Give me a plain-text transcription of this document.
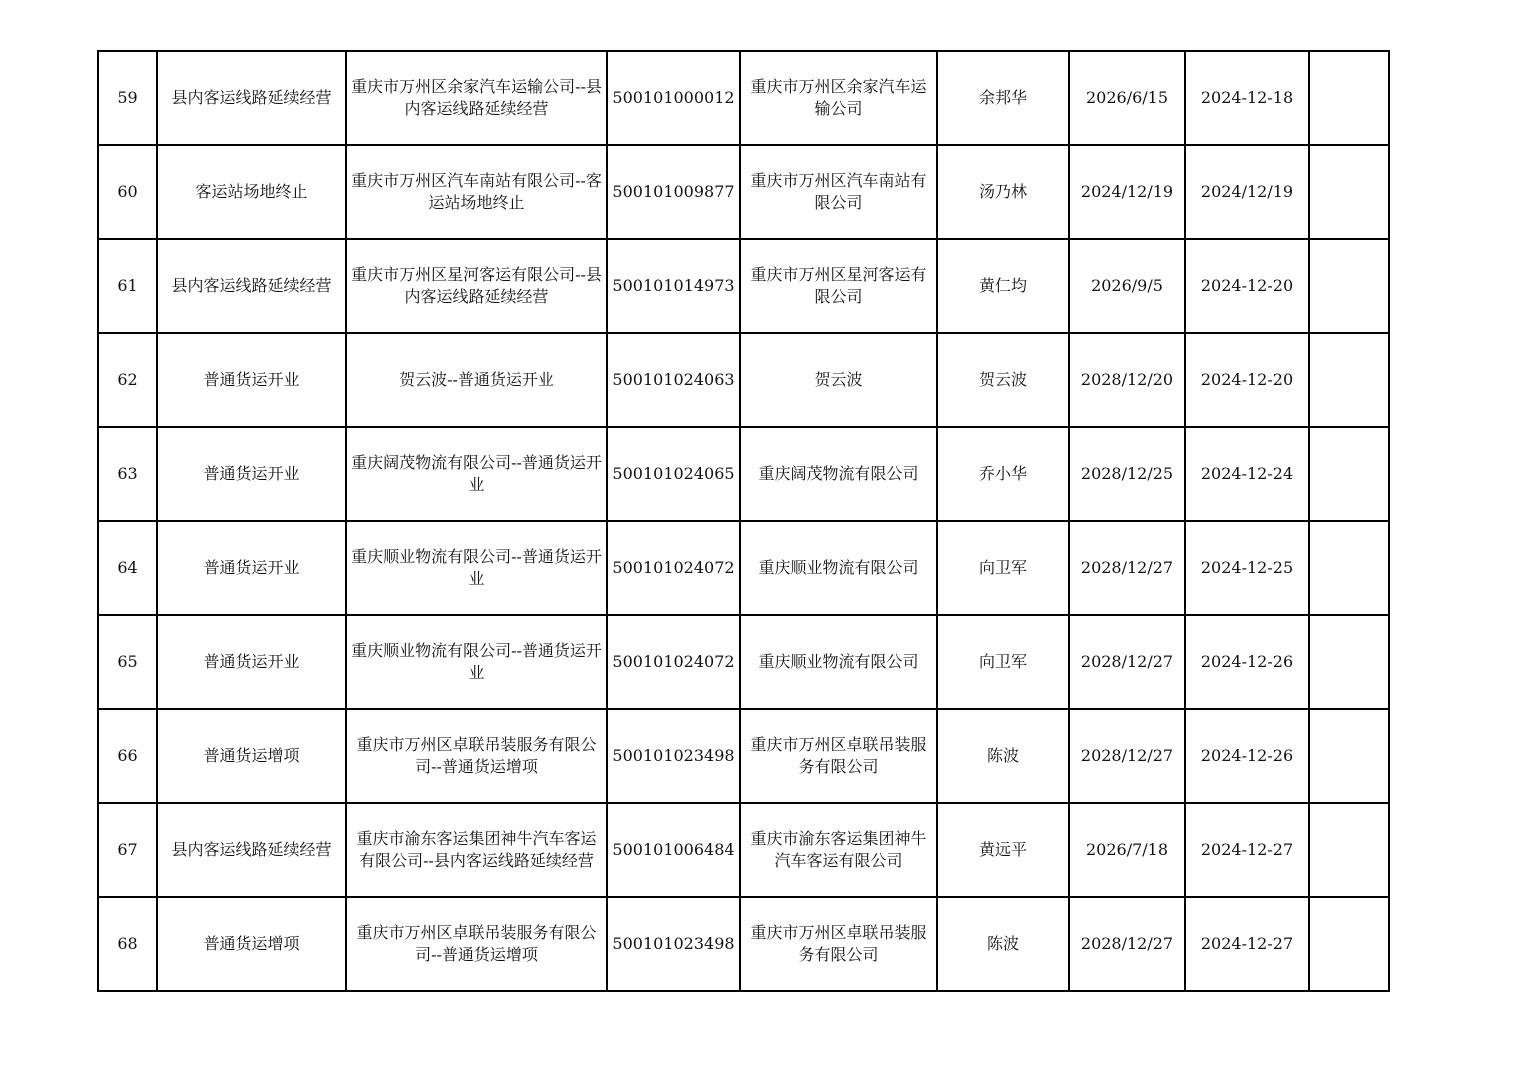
59	县内客运线路延续经营	重庆市万州区余家汽车运输公司--县内客运线路延续经营	500101000012	重庆市万州区余家汽车运输公司	余邦华	2026/6/15	2024-12-18	
60	客运站场地终止	重庆市万州区汽车南站有限公司--客运站场地终止	500101009877	重庆市万州区汽车南站有限公司	汤乃林	2024/12/19	2024/12/19	
61	县内客运线路延续经营	重庆市万州区星河客运有限公司--县内客运线路延续经营	500101014973	重庆市万州区星河客运有限公司	黄仁均	2026/9/5	2024-12-20	
62	普通货运开业	贺云波--普通货运开业	500101024063	贺云波	贺云波	2028/12/20	2024-12-20	
63	普通货运开业	重庆阔茂物流有限公司--普通货运开业	500101024065	重庆阔茂物流有限公司	乔小华	2028/12/25	2024-12-24	
64	普通货运开业	重庆顺业物流有限公司--普通货运开业	500101024072	重庆顺业物流有限公司	向卫军	2028/12/27	2024-12-25	
65	普通货运开业	重庆顺业物流有限公司--普通货运开业	500101024072	重庆顺业物流有限公司	向卫军	2028/12/27	2024-12-26	
66	普通货运增项	重庆市万州区卓联吊装服务有限公司--普通货运增项	500101023498	重庆市万州区卓联吊装服务有限公司	陈波	2028/12/27	2024-12-26	
67	县内客运线路延续经营	重庆市渝东客运集团神牛汽车客运有限公司--县内客运线路延续经营	500101006484	重庆市渝东客运集团神牛汽车客运有限公司	黄远平	2026/7/18	2024-12-27	
68	普通货运增项	重庆市万州区卓联吊装服务有限公司--普通货运增项	500101023498	重庆市万州区卓联吊装服务有限公司	陈波	2028/12/27	2024-12-27	
